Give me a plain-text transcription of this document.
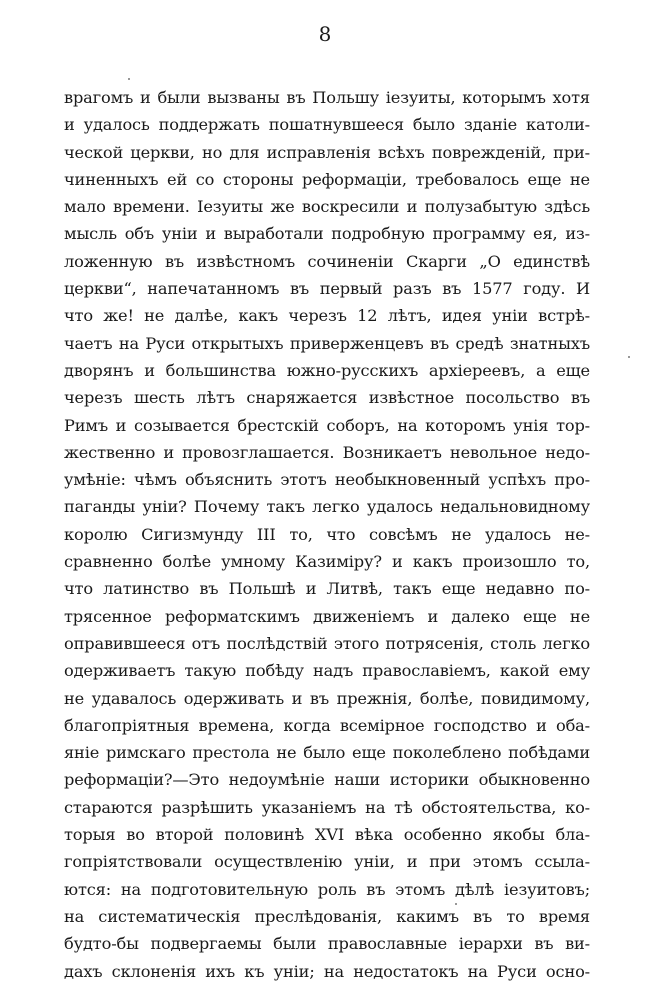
8
врагомъ и были вызваны въ Польшу iезуиты, которымъ хотя
и удалось поддержать пошатнувшееся было зданiе католи-
ческой церкви, но для исправленiя всѣхъ поврежденiй, при-
чиненныхъ ей со стороны реформацiи, требовалось еще не
мало времени. Iезуиты же воскресили и полузабытую здѣсь
мысль объ унiи и выработали подробную программу ея, из-
ложенную въ извѣстномъ сочиненiи Скарги „О единствѣ
церкви“, напечатанномъ въ первый разъ въ 1577 году. И
что же! не далѣе, какъ черезъ 12 лѣтъ, идея унiи встрѣ-
чаетъ на Руси открытыхъ приверженцевъ въ средѣ знатныхъ
дворянъ и большинства южно-русскихъ архiереевъ, а еще
черезъ шесть лѣтъ снаряжается извѣстное посольство въ
Римъ и созывается брестскiй соборъ, на которомъ унiя тор-
жественно и провозглашается. Возникаетъ невольное недо-
умѣнiе: чѣмъ объяснить этотъ необыкновенный успѣхъ про-
паганды унiи? Почему такъ легко удалось недальновидному
королю Сигизмунду III то, что совсѣмъ не удалось не-
сравненно болѣе умному Казимiру? и какъ произошло то,
что латинство въ Польшѣ и Литвѣ, такъ еще недавно по-
трясенное реформатскимъ движенiемъ и далеко еще не
оправившееся отъ послѣдствiй этого потрясенiя, столь легко
одерживаетъ такую побѣду надъ православiемъ, какой ему
не удавалось одерживать и въ прежнiя, болѣе, повидимому,
благопрiятныя времена, когда всемiрное господство и оба-
янiе римскаго престола не было еще поколеблено побѣдами
реформацiи?—Это недоумѣнiе наши историки обыкновенно
стараются разрѣшить указанiемъ на тѣ обстоятельства, ко-
торыя во второй половинѣ XVI вѣка особенно якобы бла-
гопрiятствовали осуществленiю унiи, и при этомъ ссыла-
ются: на подготовительную роль въ этомъ дѣлѣ iезуитовъ;
на систематическiя преслѣдованiя, какимъ въ то время
будто-бы подвергаемы были православные iерархи въ ви-
дахъ склоненiя ихъ къ унiи; на недостатокъ на Руси осно-
